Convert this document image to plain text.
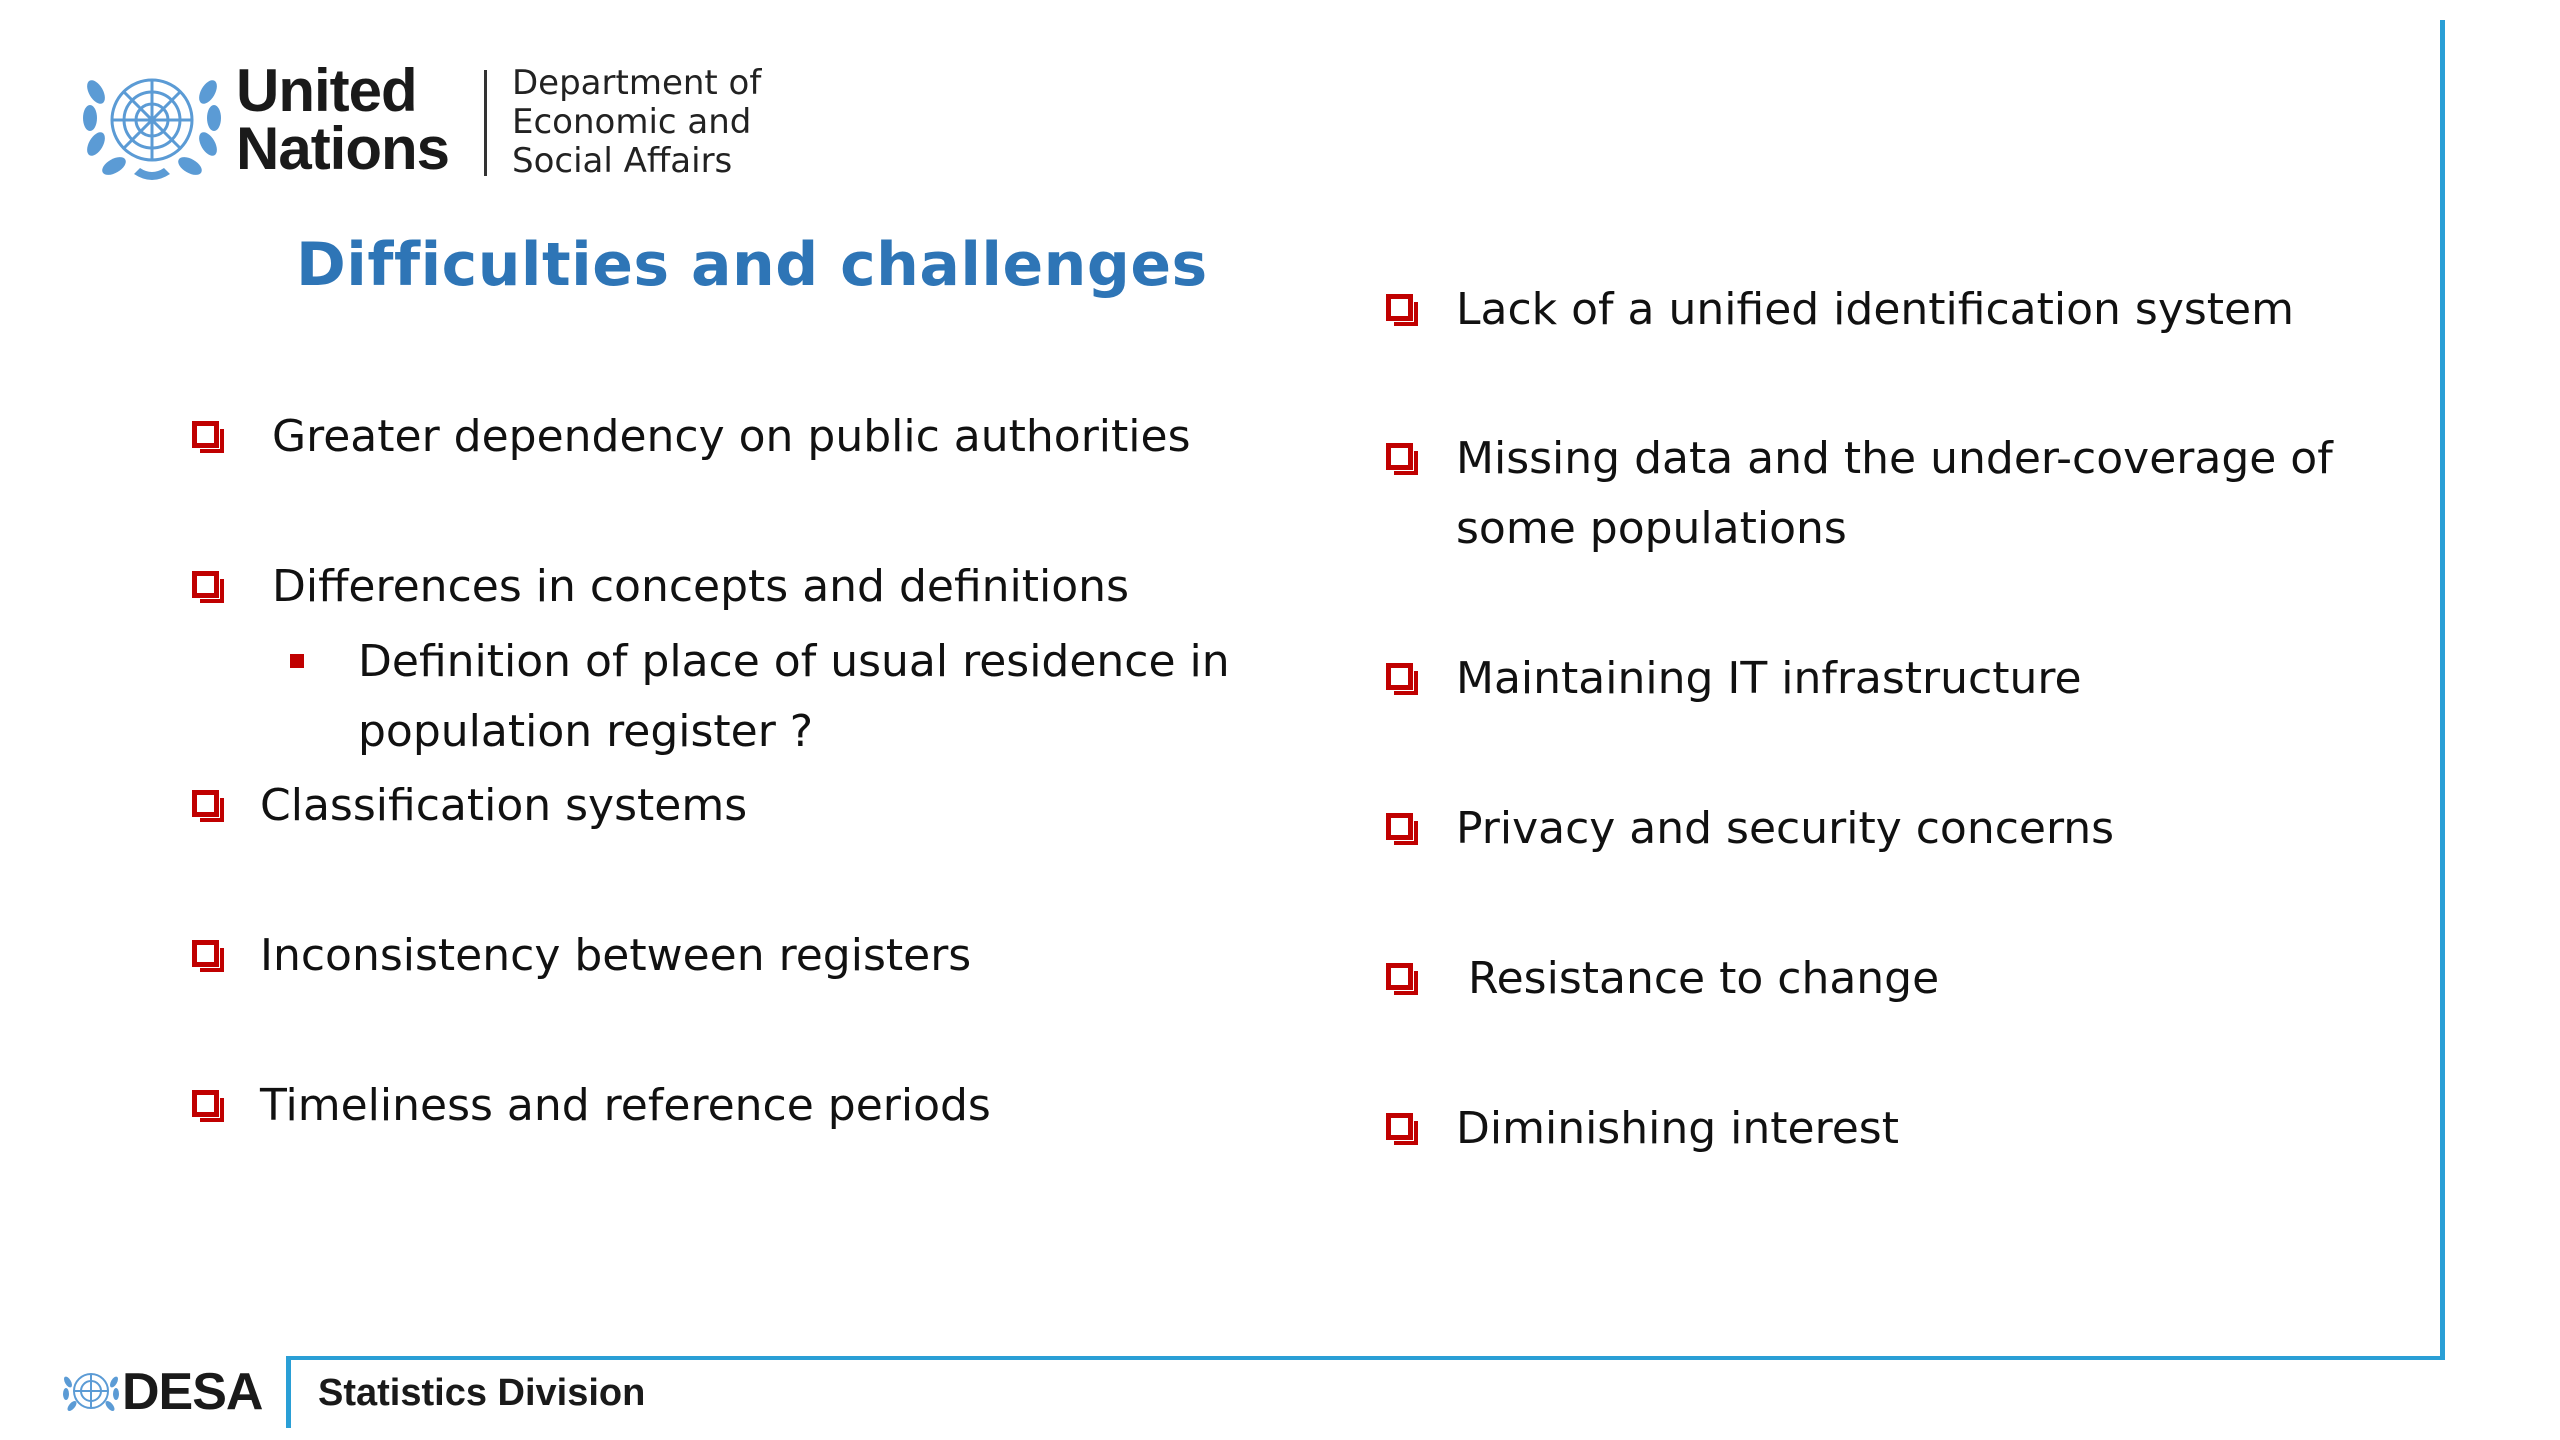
United
Nations
Department of
Economic and
Social Affairs
Difficulties and challenges
Greater dependency on public authorities
Differences in concepts and definitions
Definition of place of usual residence in
population register ?
Classification systems
Inconsistency between registers
Timeliness and reference periods
Lack of a unified identification system
Missing data and the under-coverage of
some populations
Maintaining IT infrastructure
Privacy and security concerns
Resistance to change
Diminishing interest
DESA Statistics Division
